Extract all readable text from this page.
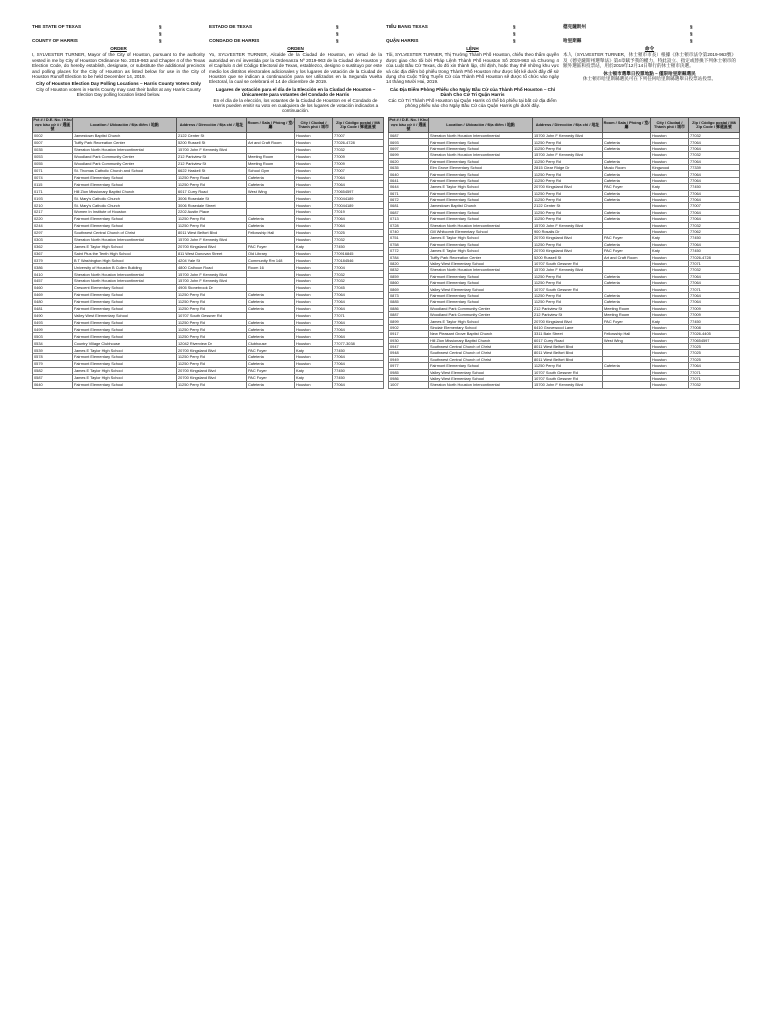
THE STATE OF TEXAS	§
§
COUNTY OF HARRIS	§
ORDER
I, SYLVESTER TURNER, Mayor of the City of Houston, pursuant to the authority vested in me by City of Houston Ordinance No. 2019-963 and Chapter 4 of the Texas Election Code, do hereby establish, designate, or substitute the additional precincts and polling places for the City of Houston as listed below for use in the City of Houston Runoff Election to be held December 14, 2019.
City of Houston Election Day Polling Locations – Harris County Voters Only
City of Houston voters in Harris County may cast their ballot at any Harris County Election Day polling location listed below.
ESTADO DE TEXAS	§
§
CONDADO DE HARRIS	§
ORDEN
Yo, SYLVESTER TURNER, Alcalde de la Ciudad de Houston, en virtud de la autoridad en mí investida por la Ordenanza Nº 2019-963 de la Ciudad de Houston y el Capítulo 4 del Código Electoral de Texas, establezco, designo o sustituyo por este medio los distritos electorales adicionales y los lugares de votación de la Ciudad de Houston que se indican a continuación para ser utilizados en la Segunda Vuelta Electoral, la cual se celebrará el 14 de diciembre de 2019.
Lugares de votación para el día de la Elección en la Ciudad de Houston – Únicamente para votantes del Condado de Harris
En el día de la elección, los votantes de la Ciudad de Houston en el Condado de Harris pueden emitir su voto en cualquiera de los lugares de votación indicados a continuación.
TIỂU BANG TEXAS	§
§
QUẬN HARRIS	§
LỆNH
Tôi, SYLVESTER TURNER, Thị Trưởng Thành Phố Houston, chiếu theo thẩm quyền được giao cho tôi bởi Pháp Lệnh Thành Phố Houston Số 2019-963 và Chương 4 của Luật Bầu Cử Texas, do đó xin thành lập, chỉ định, hoặc thay thế những khu vực và các địa điểm bỏ phiếu trong Thành Phố Houston như được liệt kê dưới đây để sử dụng cho Cuộc Tổng Tuyển Cử của Thành Phố Houston sẽ được tổ chức vào ngày 14 tháng Mười Hai, 2019.
Các Địa Điểm Phòng Phiếu cho Ngày Bầu Cử của Thành Phố Houston – Chỉ Dành Cho Cử Tri Quận Harris
Các Cử Tri Thành Phố Houston tại Quận Harris có thể bỏ phiếu tại bất cứ địa điểm phòng phiếu nào cho Ngày Bầu Cử của Quận Harris ghi dưới đây.
德克薩斯州	§
§
哈里斯縣	§
命令
本人（SYLVESTER TURNER，休士頓市市長）根據《休士頓市法令第2019-963號》及《德克薩斯州選舉法》第4章賦予我的權力，特此設立、指定或替換下列休士頓市的額外選區和投票站，用於2019年12月14日舉行的休士頓市決選。
休士頓市選舉日投票地點 – 僅限哈里斯縣選民
休士頓市哈里斯縣選民可在下列任何哈里斯縣選舉日投票站投票。
Pct # / D.E. No. / Khu vực bầu cử # / 選區號	Location / Ubicación / Địa điểm / 地點	Address / Dirección / Địa chỉ / 地址	Room / Sala / Phòng / 室/廳	City / Ciudad / Thành phố / 城市	Zip / Código postal / Mã Zip Code / 郵遞區號
0002	Jamestown Baptist Church	2122 Center St		Houston	77007
0007	Tuffly Park Recreation Center	5200 Russell St	Art and Craft Room	Houston	77026-4728
0035	Sheraton North Houston Intercontinental	15700 John F Kennedy Blvd		Houston	77032
0053	Woodland Park Community Center	212 Parkview St	Meeting Room	Houston	77009
0055	Woodland Park Community Center	212 Parkview St	Meeting Room	Houston	77009
0071	St. Thomas Catholic Church and School	6622 Haskell St	School Gym	Houston	77007
0074	Fairmont Elementary School	11250 Perry Road	Cafeteria	Houston	77064
0115	Fairmont Elementary School	11250 Perry Rd	Cafeteria	Houston	77064
0171	Hill Zion Missionary Baptist Church	6017 Curry Road	West Wing	Houston	770654597
0193	St. Mary's Catholic Church	3006 Rosedale St		Houston	770044189
0210	St. Mary's Catholic Church	3006 Rosedale Street		Houston	770044189
0217	Women In Institute of Houston	2202 Austin Place		Houston	77019
0220	Fairmont Elementary School	11250 Perry Rd	Cafeteria	Houston	77064
0244	Fairmont Elementary School	11250 Perry Rd	Cafeteria	Houston	77064
0297	Southwest Central Church of Christ	8011 West Belfort Blvd	Fellowship Hall	Houston	77025
0303	Sheraton North Houston Intercontinental	15700 John F Kennedy Blvd		Houston	77032
0362	James E Taylor High School	20700 Kingsland Blvd	PAC Foyer	Katy	77450
0367	Saint Pius the Tenth High School	811 West Donovan Street	Old Library	Houston	770916845
0379	B T Washington High School	4204 Yale St	Community Rm 148	Houston	770184546
0386	University of Houston B Cullen Building	4800 Calhoun Road	Room 16	Houston	77004
0410	Sheraton North Houston Intercontinental	15700 John F Kennedy Blvd		Houston	77032
0457	Sheraton North Houston Intercontinental	15700 John F Kennedy Blvd		Houston	77032
0460	Crescent Elementary School	4905 Stonebrook Dr		Houston	77045
0469	Fairmont Elementary School	11250 Perry Rd	Cafeteria	Houston	77064
0480	Fairmont Elementary School	11250 Perry Rd	Cafeteria	Houston	77064
0481	Fairmont Elementary School	11250 Perry Rd	Cafeteria	Houston	77064
0490	Valley West Elementary School	10707 South Gessner Rd		Houston	77071
0493	Fairmont Elementary School	11250 Perry Rd	Cafeteria	Houston	77064
0499	Fairmont Elementary School	11250 Perry Rd	Cafeteria	Houston	77064
0503	Fairmont Elementary School	11250 Perry Rd	Cafeteria	Houston	77064
0534	Country Village Clubhouse	12042 Riverview Dr	Clubhouse	Houston	77077-3038
0539	James E Taylor High School	20700 Kingsland Blvd	PAC Foyer	Katy	77450
0578	Fairmont Elementary School	11250 Perry Rd	Cafeteria	Houston	77064
0579	Fairmont Elementary School	11250 Perry Rd	Cafeteria	Houston	77064
0582	James E Taylor High School	20700 Kingsland Blvd	PAC Foyer	Katy	77450
0587	James E Taylor High School	20700 Kingsland Blvd	PAC Foyer	Katy	77450
0640	Fairmont Elementary School	11250 Perry Rd	Cafeteria	Houston	77064
Pct # / D.E. No. / Khu vực bầu cử # / 選區號	Location / Ubicación / Địa điểm / 地點	Address / Dirección / Địa chỉ / 地址	Room / Sala / Phòng / 室/廳	City / Ciudad / Thành phố / 城市	Zip / Código postal / Mã Zip Code / 郵遞區號
0687	Sheraton North Houston Intercontinental	15700 John F Kennedy Blvd		Houston	77032
0693	Fairmont Elementary School	11250 Perry Rd	Cafeteria	Houston	77064
0697	Fairmont Elementary School	11250 Perry Rd	Cafeteria	Houston	77064
0699	Sheraton North Houston Intercontinental	15700 John F Kennedy Blvd		Houston	77032
0620	Fairmont Elementary School	11250 Perry Rd	Cafeteria	Houston	77064
0635	Elm Grove Elementary School	2815 Clear Ridge Dr	Music Room	Kingwood	77339
0640	Fairmont Elementary School	11250 Perry Rd	Cafeteria	Houston	77064
0641	Fairmont Elementary School	11250 Perry Rd	Cafeteria	Houston	77064
0644	James E Taylor High School	20700 Kingsland Blvd	PAC Foyer	Katy	77450
0671	Fairmont Elementary School	11250 Perry Rd	Cafeteria	Houston	77064
0672	Fairmont Elementary School	11250 Perry Rd	Cafeteria	Houston	77064
0681	Jamestown Baptist Church	2122 Center St		Houston	77007
0687	Fairmont Elementary School	11250 Perry Rd	Cafeteria	Houston	77064
0713	Fairmont Elementary School	11250 Perry Rd	Cafeteria	Houston	77064
0728	Sheraton North Houston Intercontinental	15700 John F Kennedy Blvd		Houston	77032
0740	Gill Whitcomb Elementary School	900 Rosalis Dr		Houston	77062
0751	James E Taylor High School	20700 Kingsland Blvd	PAC Foyer	Katy	77450
0758	Fairmont Elementary School	11250 Perry Rd	Cafeteria	Houston	77064
0772	James E Taylor High School	20700 Kingsland Blvd	PAC Foyer	Katy	77450
0784	Tuffly Park Recreation Center	5200 Russell St	Art and Craft Room	Houston	77026-4728
0820	Valley West Elementary School	10707 South Gessner Rd		Houston	77071
0832	Sheraton North Houston Intercontinental	15700 John F Kennedy Blvd		Houston	77032
0859	Fairmont Elementary School	11250 Perry Rd	Cafeteria	Houston	77064
0860	Fairmont Elementary School	11250 Perry Rd	Cafeteria	Houston	77064
0869	Valley West Elementary School	10707 South Gessner Rd		Houston	77071
0873	Fairmont Elementary School	11250 Perry Rd	Cafeteria	Houston	77064
0885	Fairmont Elementary School	11250 Perry Rd	Cafeteria	Houston	77064
0886	Woodland Park Community Center	212 Parkview St	Meeting Room	Houston	77009
0887	Woodland Park Community Center	212 Parkview St	Meeting Room	Houston	77009
0899	James E Taylor High School	20700 Kingsland Blvd	PAC Foyer	Katy	77450
0902	Sinclair Elementary School	6410 Grovewood Lane		Houston	77008
0917	New Pleasant Grove Baptist Church	3311 Bain Street	Fellowship Hall	Houston	77026-4405
0930	Hill Zion Missionary Baptist Church	6017 Curry Road	West Wing	Houston	770654597
0947	Southwest Central Church of Christ	8011 West Belfort Blvd		Houston	77025
0948	Southwest Central Church of Christ	8011 West Belfort Blvd		Houston	77025
0949	Southwest Central Church of Christ	8011 West Belfort Blvd		Houston	77025
0977	Fairmont Elementary School	11250 Perry Rd	Cafeteria	Houston	77064
0985	Valley West Elementary School	10707 South Gessner Rd		Houston	77071
0986	Valley West Elementary School	10707 South Gessner Rd		Houston	77071
1007	Sheraton North Houston Intercontinental	15700 John F Kennedy Blvd		Houston	77032
